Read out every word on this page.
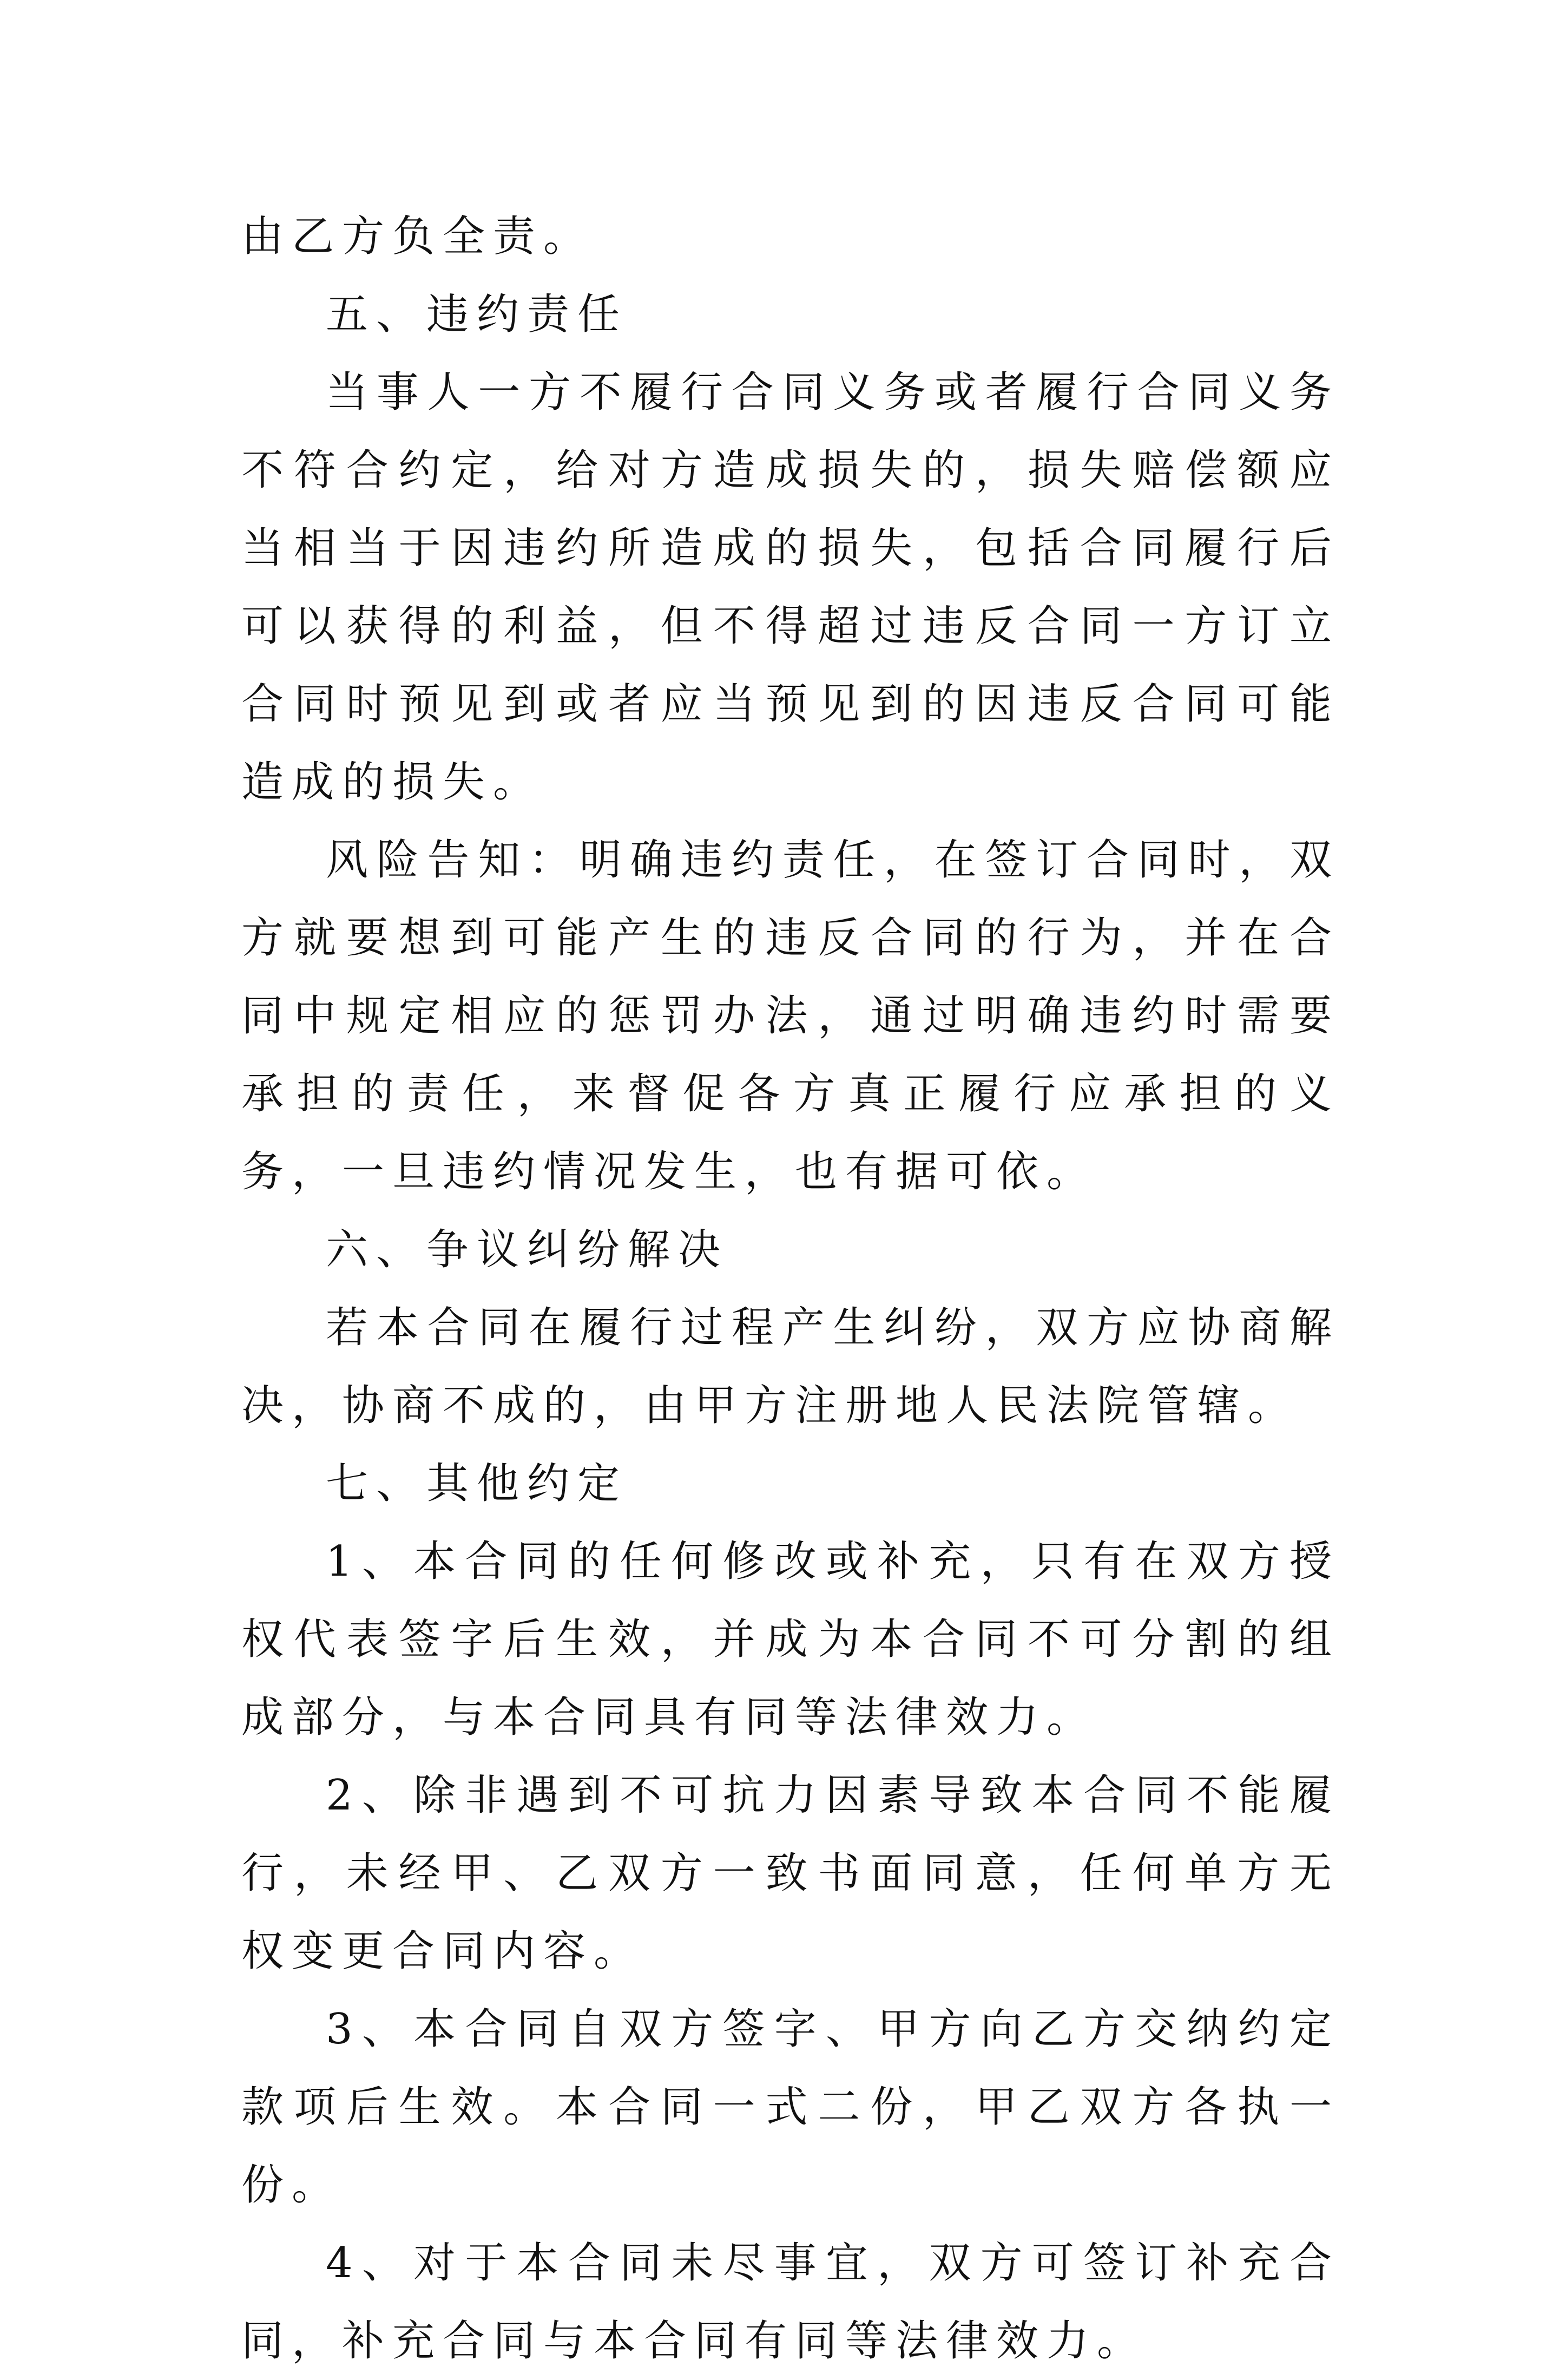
由乙方负全责。

五、违约责任

当事人一方不履行合同义务或者履行合同义务不符合约定，给对方造成损失的，损失赔偿额应当相当于因违约所造成的损失，包括合同履行后可以获得的利益，但不得超过违反合同一方订立合同时预见到或者应当预见到的因违反合同可能造成的损失。

风险告知：明确违约责任，在签订合同时，双方就要想到可能产生的违反合同的行为，并在合同中规定相应的惩罚办法，通过明确违约时需要承担的责任，来督促各方真正履行应承担的义务，一旦违约情况发生，也有据可依。

六、争议纠纷解决

若本合同在履行过程产生纠纷，双方应协商解决，协商不成的，由甲方注册地人民法院管辖。

七、其他约定

1、本合同的任何修改或补充，只有在双方授权代表签字后生效，并成为本合同不可分割的组成部分，与本合同具有同等法律效力。

2、除非遇到不可抗力因素导致本合同不能履行，未经甲、乙双方一致书面同意，任何单方无权变更合同内容。

3、本合同自双方签字、甲方向乙方交纳约定款项后生效。本合同一式二份，甲乙双方各执一份。

4、对于本合同未尽事宜，双方可签订补充合同，补充合同与本合同有同等法律效力。
